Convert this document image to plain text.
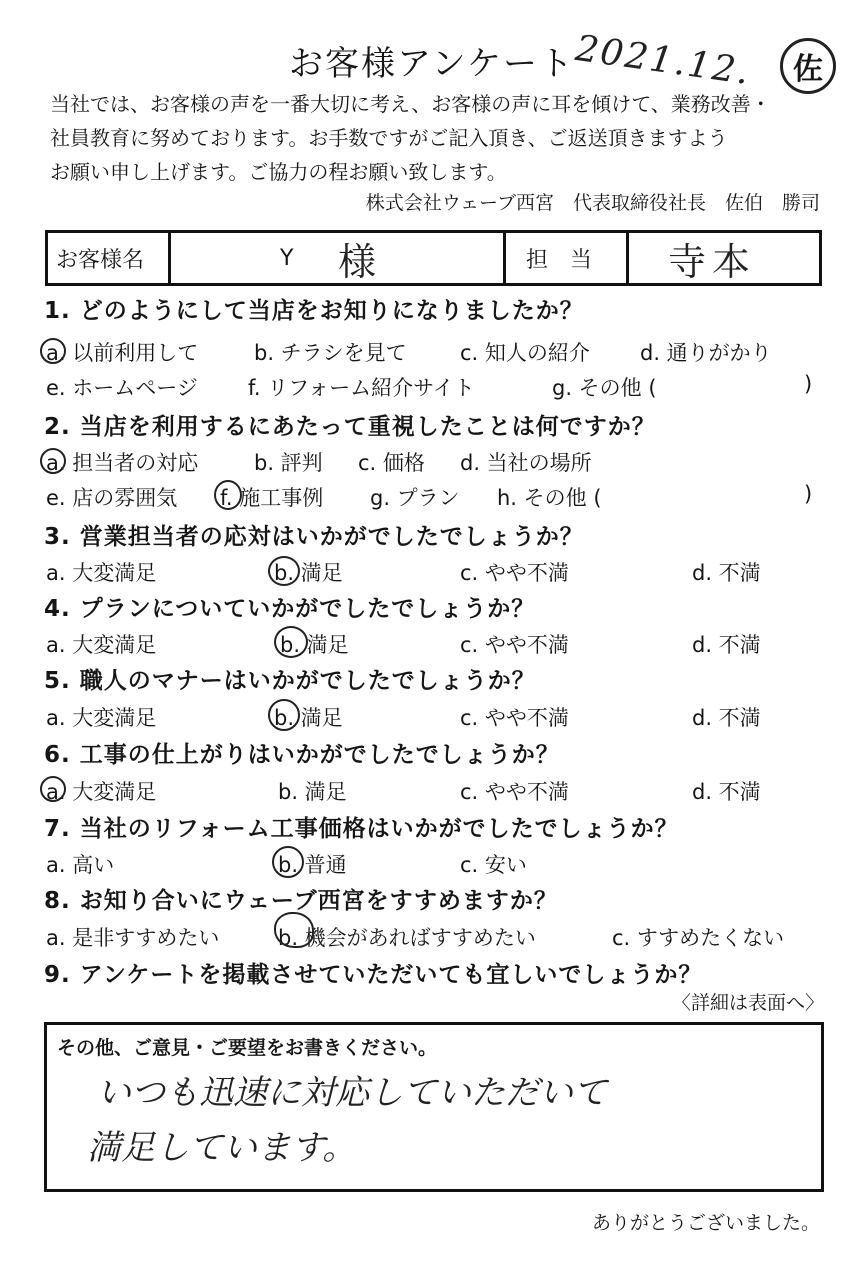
お客様アンケート
2021.12. 佐
当社では、お客様の声を一番大切に考え、お客様の声に耳を傾けて、業務改善・
社員教育に努めております。お手数ですがご記入頂き、ご返送頂きますよう
お願い申し上げます。ご協力の程お願い致します。
株式会社ウェーブ西宮　代表取締役社長　佐伯　勝司
お客様名	Y	様	担　当	寺本
1. どのようにして当店をお知りになりましたか？
a. 以前利用して	b. チラシを見て	c. 知人の紹介 d. 通りがかり
e. ホームページ f. リフォーム紹介サイト	g. その他 (	)
2. 当店を利用するにあたって重視したことは何ですか？
a. 担当者の対応	b. 評判 c. 価格 d. 当社の場所
e. 店の雰囲気 f. 施工事例 g. プラン h. その他 (	)
3. 営業担当者の応対はいかがでしたでしょうか？
a. 大変満足	b. 満足	c. やや不満	d. 不満
4. プランについていかがでしたでしょうか？
a. 大変満足	b. 満足	c. やや不満	d. 不満
5. 職人のマナーはいかがでしたでしょうか？
a. 大変満足	b. 満足	c. やや不満	d. 不満
6. 工事の仕上がりはいかがでしたでしょうか？
a. 大変満足	b. 満足	c. やや不満	d. 不満
7. 当社のリフォーム工事価格はいかがでしたでしょうか？
a. 高い	b. 普通	c. 安い
8. お知り合いにウェーブ西宮をすすめますか？
a. 是非すすめたい	b. 機会があればすすめたい	c. すすめたくない
9. アンケートを掲載させていただいても宜しいでしょうか？
〈詳細は表面へ〉
その他、ご意見・ご要望をお書きください。
いつも迅速に対応していただいて
満足しています。
ありがとうございました。
